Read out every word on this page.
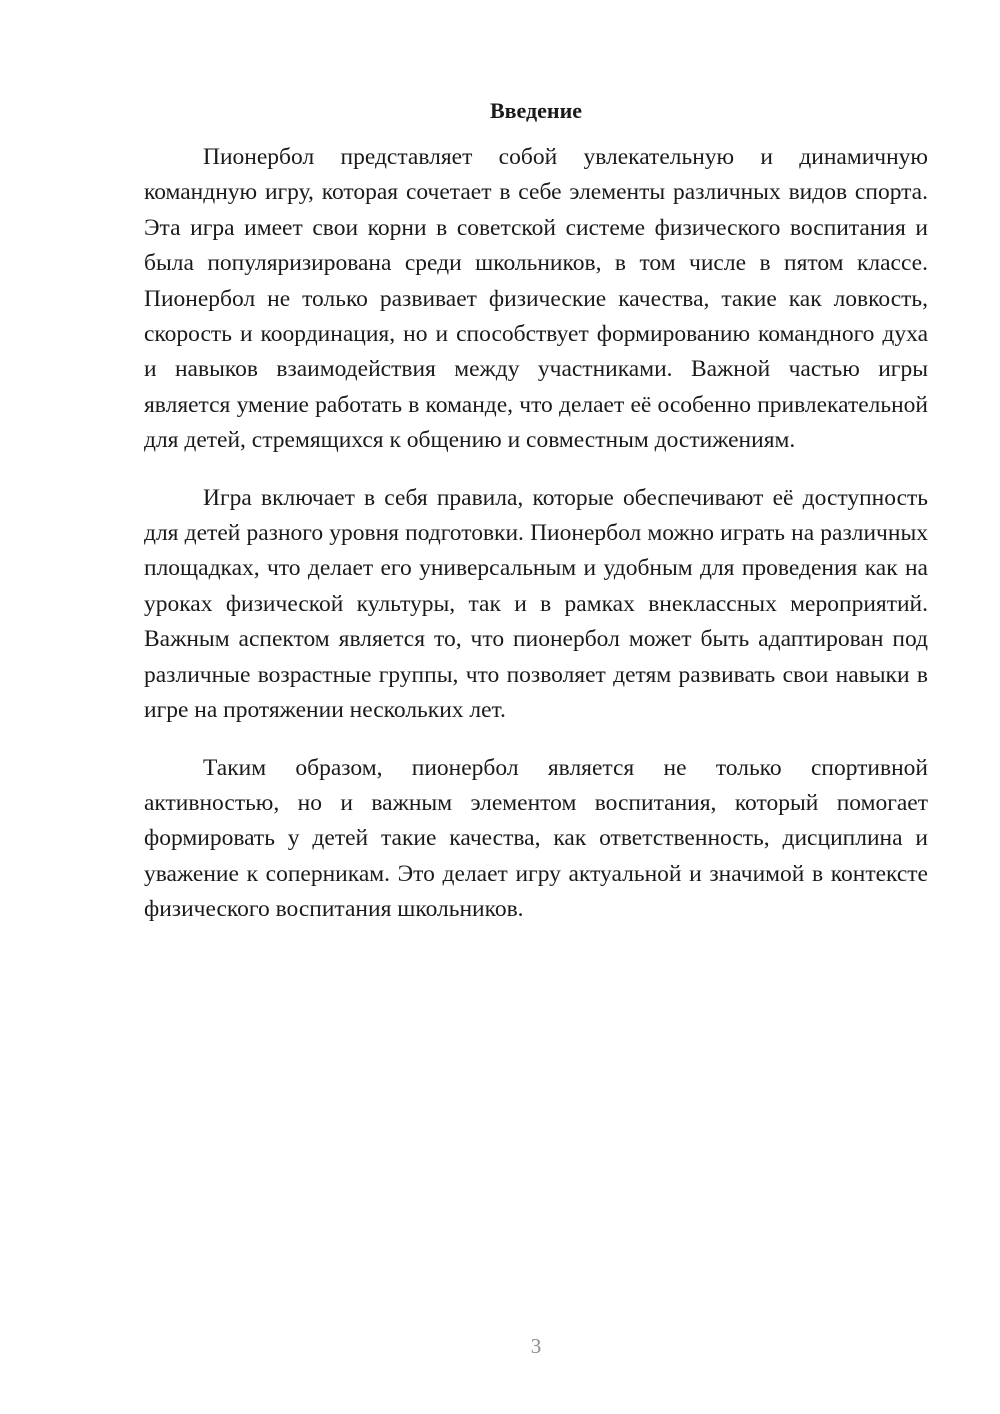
Введение

Пионербол представляет собой увлекательную и динамичную командную игру, которая сочетает в себе элементы различных видов спорта. Эта игра имеет свои корни в советской системе физического воспитания и была популяризирована среди школьников, в том числе в пятом классе. Пионербол не только развивает физические качества, такие как ловкость, скорость и координация, но и способствует формированию командного духа и навыков взаимодействия между участниками. Важной частью игры является умение работать в команде, что делает её особенно привлекательной для детей, стремящихся к общению и совместным достижениям.

Игра включает в себя правила, которые обеспечивают её доступность для детей разного уровня подготовки. Пионербол можно играть на различных площадках, что делает его универсальным и удобным для проведения как на уроках физической культуры, так и в рамках внеклассных мероприятий. Важным аспектом является то, что пионербол может быть адаптирован под различные возрастные группы, что позволяет детям развивать свои навыки в игре на протяжении нескольких лет.

Таким образом, пионербол является не только спортивной активностью, но и важным элементом воспитания, который помогает формировать у детей такие качества, как ответственность, дисциплина и уважение к соперникам. Это делает игру актуальной и значимой в контексте физического воспитания школьников.

3
